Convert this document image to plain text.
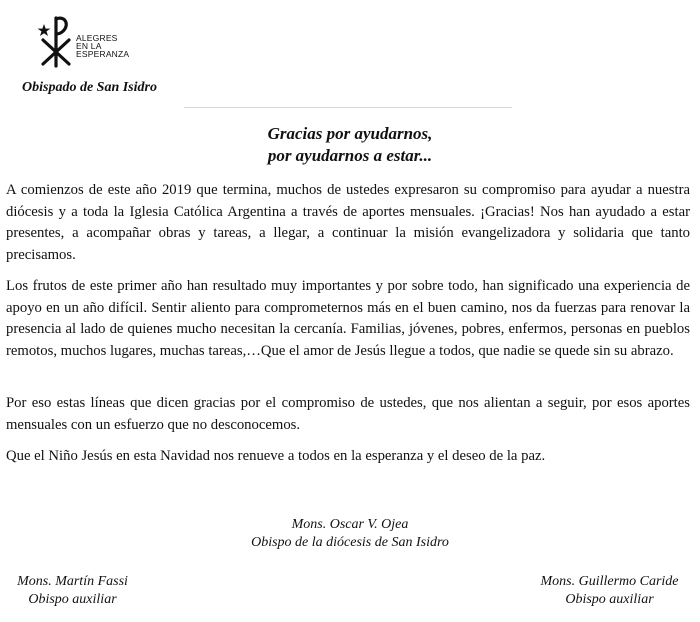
ALEGRES
EN LA
ESPERANZA
Obispado de San Isidro
Gracias por ayudarnos,
por ayudarnos a estar...

A comienzos de este año 2019 que termina, muchos de ustedes expresaron su compromiso para ayudar a nuestra diócesis y a toda la Iglesia Católica Argentina a través de aportes mensuales. ¡Gracias! Nos han ayudado a estar presentes, a acompañar obras y tareas, a llegar, a continuar la misión evangelizadora y solidaria que tanto precisamos.

Los frutos de este primer año han resultado muy importantes y por sobre todo, han significado una experiencia de apoyo en un año difícil. Sentir aliento para comprometernos más en el buen camino, nos da fuerzas para renovar la presencia al lado de quienes mucho necesitan la cercanía. Familias, jóvenes, pobres, enfermos, personas en pueblos remotos, muchos lugares, muchas tareas,…Que el amor de Jesús llegue a todos, que nadie se quede sin su abrazo.

Por eso estas líneas que dicen gracias por el compromiso de ustedes, que nos alientan a seguir, por esos aportes mensuales con un esfuerzo que no desconocemos.

Que el Niño Jesús en esta Navidad nos renueve a todos en la esperanza y el deseo de la paz.

Mons. Oscar V. Ojea
Obispo de la diócesis de San Isidro
Mons. Martín Fassi
Obispo auxiliar
Mons. Guillermo Caride
Obispo auxiliar
